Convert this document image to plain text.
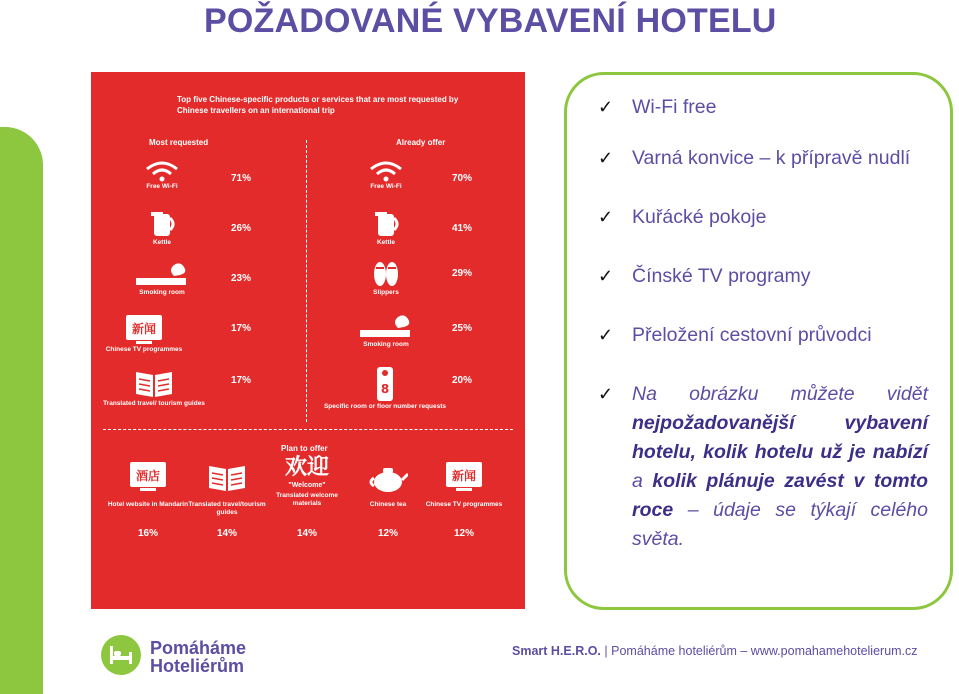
POŽADOVANÉ VYBAVENÍ HOTELU
Top five Chinese-specific products or services that are most requested by Chinese travellers on an international trip
Most requested	Already offer
Free Wi-Fi
71%
Kettle
26%
Smoking room
23%
新闻
Chinese TV programmes
17%
Translated travel/ tourism guides
17%
Free Wi-Fi
70%
Kettle
41%
Slippers
29%
Smoking room
25%
8
Specific room or floor number requests
20%
Plan to offer
酒店
Hotel website in Mandarin
16%
Translated travel/tourism guides
14%
欢迎
"Welcome"
Translated welcome materials
14%
Chinese tea
12%
新闻
Chinese TV programmes
12%
✓ Wi-Fi free
✓ Varná konvice – k přípravě nudlí
✓ Kuřácké pokoje
✓ Čínské TV programy
✓ Přeložení cestovní průvodci
✓ Na obrázku můžete vidět nejpožadovanější vybavení hotelu, kolik hotelu už je nabízí a kolik plánuje zavést v tomto roce – údaje se týkají celého světa.
Pomáháme
Hoteliérům
Smart H.E.R.O. | Pomáháme hoteliérům – www.pomahamehotelierum.cz
